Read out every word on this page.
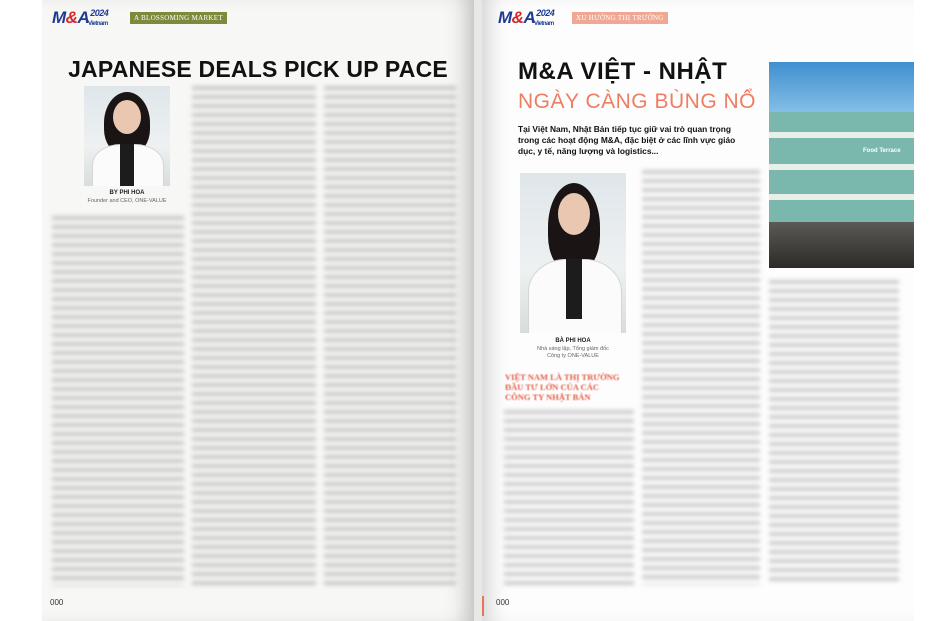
$M\&A^{2024}$
Vietnam
A BLOSSOMING MARKET
JAPANESE DEALS PICK UP PACE
BY PHI HOA
Founder and CEO, ONE-VALUE
000
$M\&A^{2024}$
Vietnam
XU HƯỚNG THỊ TRƯỜNG
M&A VIỆT - NHẬT
NGÀY CÀNG BÙNG NỔ
Tại Việt Nam, Nhật Bản tiếp tục giữ vai trò quan trọng trong các hoạt động M&A, đặc biệt ở các lĩnh vực giáo dục, y tế, năng lượng và logistics...	Food Terrace
BÀ PHI HOA
Nhà sáng lập, Tổng giám đốc
Công ty ONE-VALUE
VIỆT NAM LÀ THỊ TRƯỜNG ĐẦU TƯ LỚN CỦA CÁC CÔNG TY NHẬT BẢN
000
